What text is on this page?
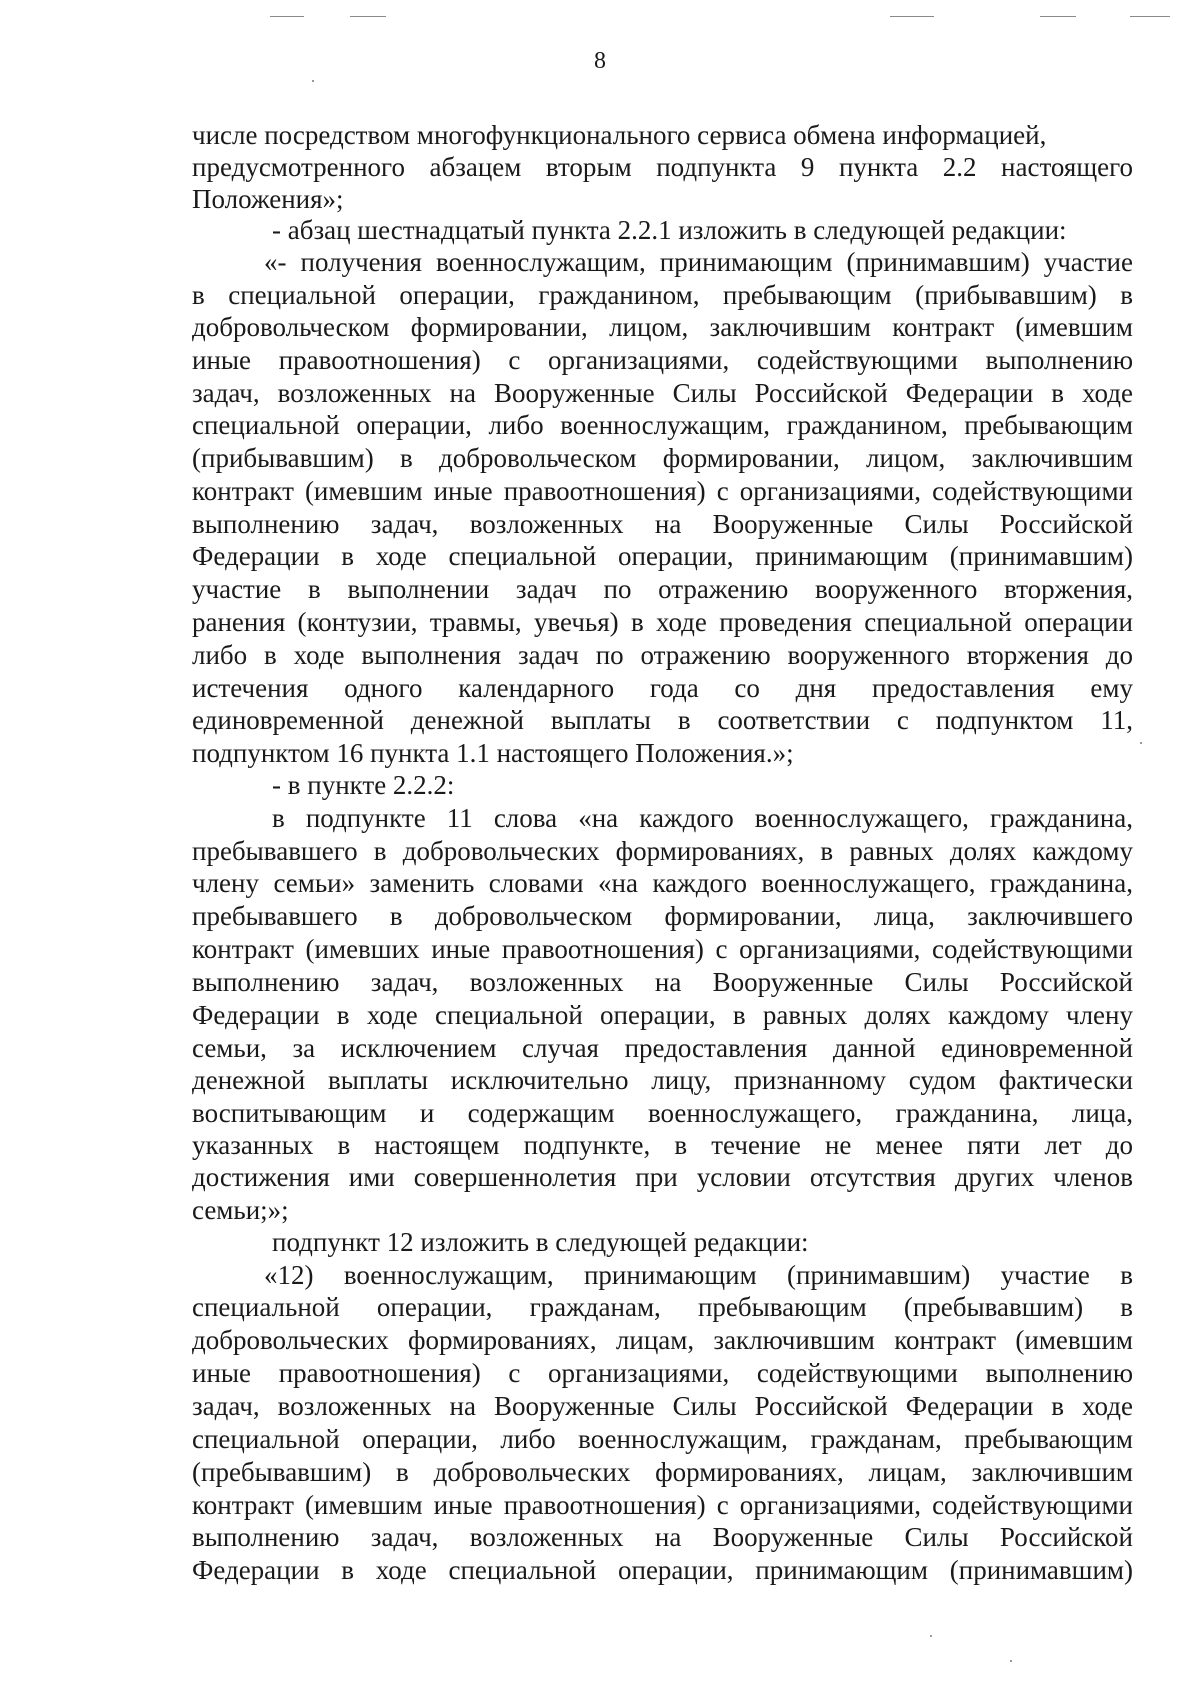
8
числе посредством многофункционального сервиса обмена информацией,
предусмотренного абзацем вторым подпункта 9 пункта 2.2 настоящего
Положения»;
- абзац шестнадцатый пункта 2.2.1 изложить в следующей редакции:
«- получения военнослужащим, принимающим (принимавшим) участие
в специальной операции, гражданином, пребывающим (прибывавшим) в
добровольческом формировании, лицом, заключившим контракт (имевшим
иные правоотношения) с организациями, содействующими выполнению
задач, возложенных на Вооруженные Силы Российской Федерации в ходе
специальной операции, либо военнослужащим, гражданином, пребывающим
(прибывавшим) в добровольческом формировании, лицом, заключившим
контракт (имевшим иные правоотношения) с организациями, содействующими
выполнению задач, возложенных на Вооруженные Силы Российской
Федерации в ходе специальной операции, принимающим (принимавшим)
участие в выполнении задач по отражению вооруженного вторжения,
ранения (контузии, травмы, увечья) в ходе проведения специальной операции
либо в ходе выполнения задач по отражению вооруженного вторжения до
истечения одного календарного года со дня предоставления ему
единовременной денежной выплаты в соответствии с подпунктом 11,
подпунктом 16 пункта 1.1 настоящего Положения.»;
- в пункте 2.2.2:
в подпункте 11 слова «на каждого военнослужащего, гражданина,
пребывавшего в добровольческих формированиях, в равных долях каждому
члену семьи» заменить словами «на каждого военнослужащего, гражданина,
пребывавшего в добровольческом формировании, лица, заключившего
контракт (имевших иные правоотношения) с организациями, содействующими
выполнению задач, возложенных на Вооруженные Силы Российской
Федерации в ходе специальной операции, в равных долях каждому члену
семьи, за исключением случая предоставления данной единовременной
денежной выплаты исключительно лицу, признанному судом фактически
воспитывающим и содержащим военнослужащего, гражданина, лица,
указанных в настоящем подпункте, в течение не менее пяти лет до
достижения ими совершеннолетия при условии отсутствия других членов
семьи;»;
подпункт 12 изложить в следующей редакции:
«12) военнослужащим, принимающим (принимавшим) участие в
специальной операции, гражданам, пребывающим (пребывавшим) в
добровольческих формированиях, лицам, заключившим контракт (имевшим
иные правоотношения) с организациями, содействующими выполнению
задач, возложенных на Вооруженные Силы Российской Федерации в ходе
специальной операции, либо военнослужащим, гражданам, пребывающим
(пребывавшим) в добровольческих формированиях, лицам, заключившим
контракт (имевшим иные правоотношения) с организациями, содействующими
выполнению задач, возложенных на Вооруженные Силы Российской
Федерации в ходе специальной операции, принимающим (принимавшим)
